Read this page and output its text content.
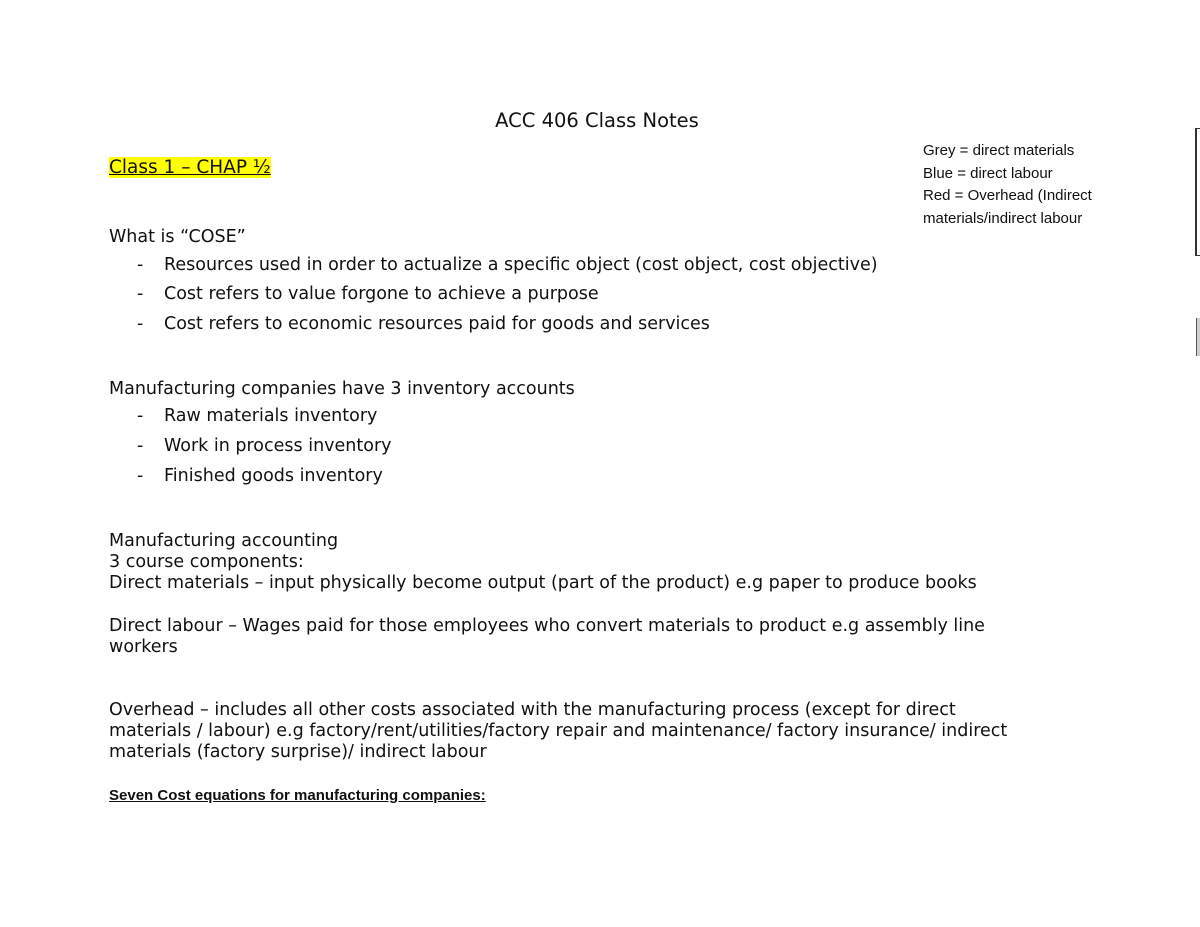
ACC 406 Class Notes
Class 1 – CHAP ½
Grey = direct materials
Blue = direct labour
Red = Overhead (Indirect
materials/indirect labour
What is “COSE”
- Resources used in order to actualize a specific object (cost object, cost objective)
- Cost refers to value forgone to achieve a purpose
- Cost refers to economic resources paid for goods and services
Manufacturing companies have 3 inventory accounts
- Raw materials inventory
- Work in process inventory
- Finished goods inventory
Manufacturing accounting
3 course components:
Direct materials – input physically become output (part of the product) e.g paper to produce books
Direct labour – Wages paid for those employees who convert materials to product e.g assembly line
workers
Overhead – includes all other costs associated with the manufacturing process (except for direct
materials / labour) e.g factory/rent/utilities/factory repair and maintenance/ factory insurance/ indirect
materials (factory surprise)/ indirect labour
Seven Cost equations for manufacturing companies:
